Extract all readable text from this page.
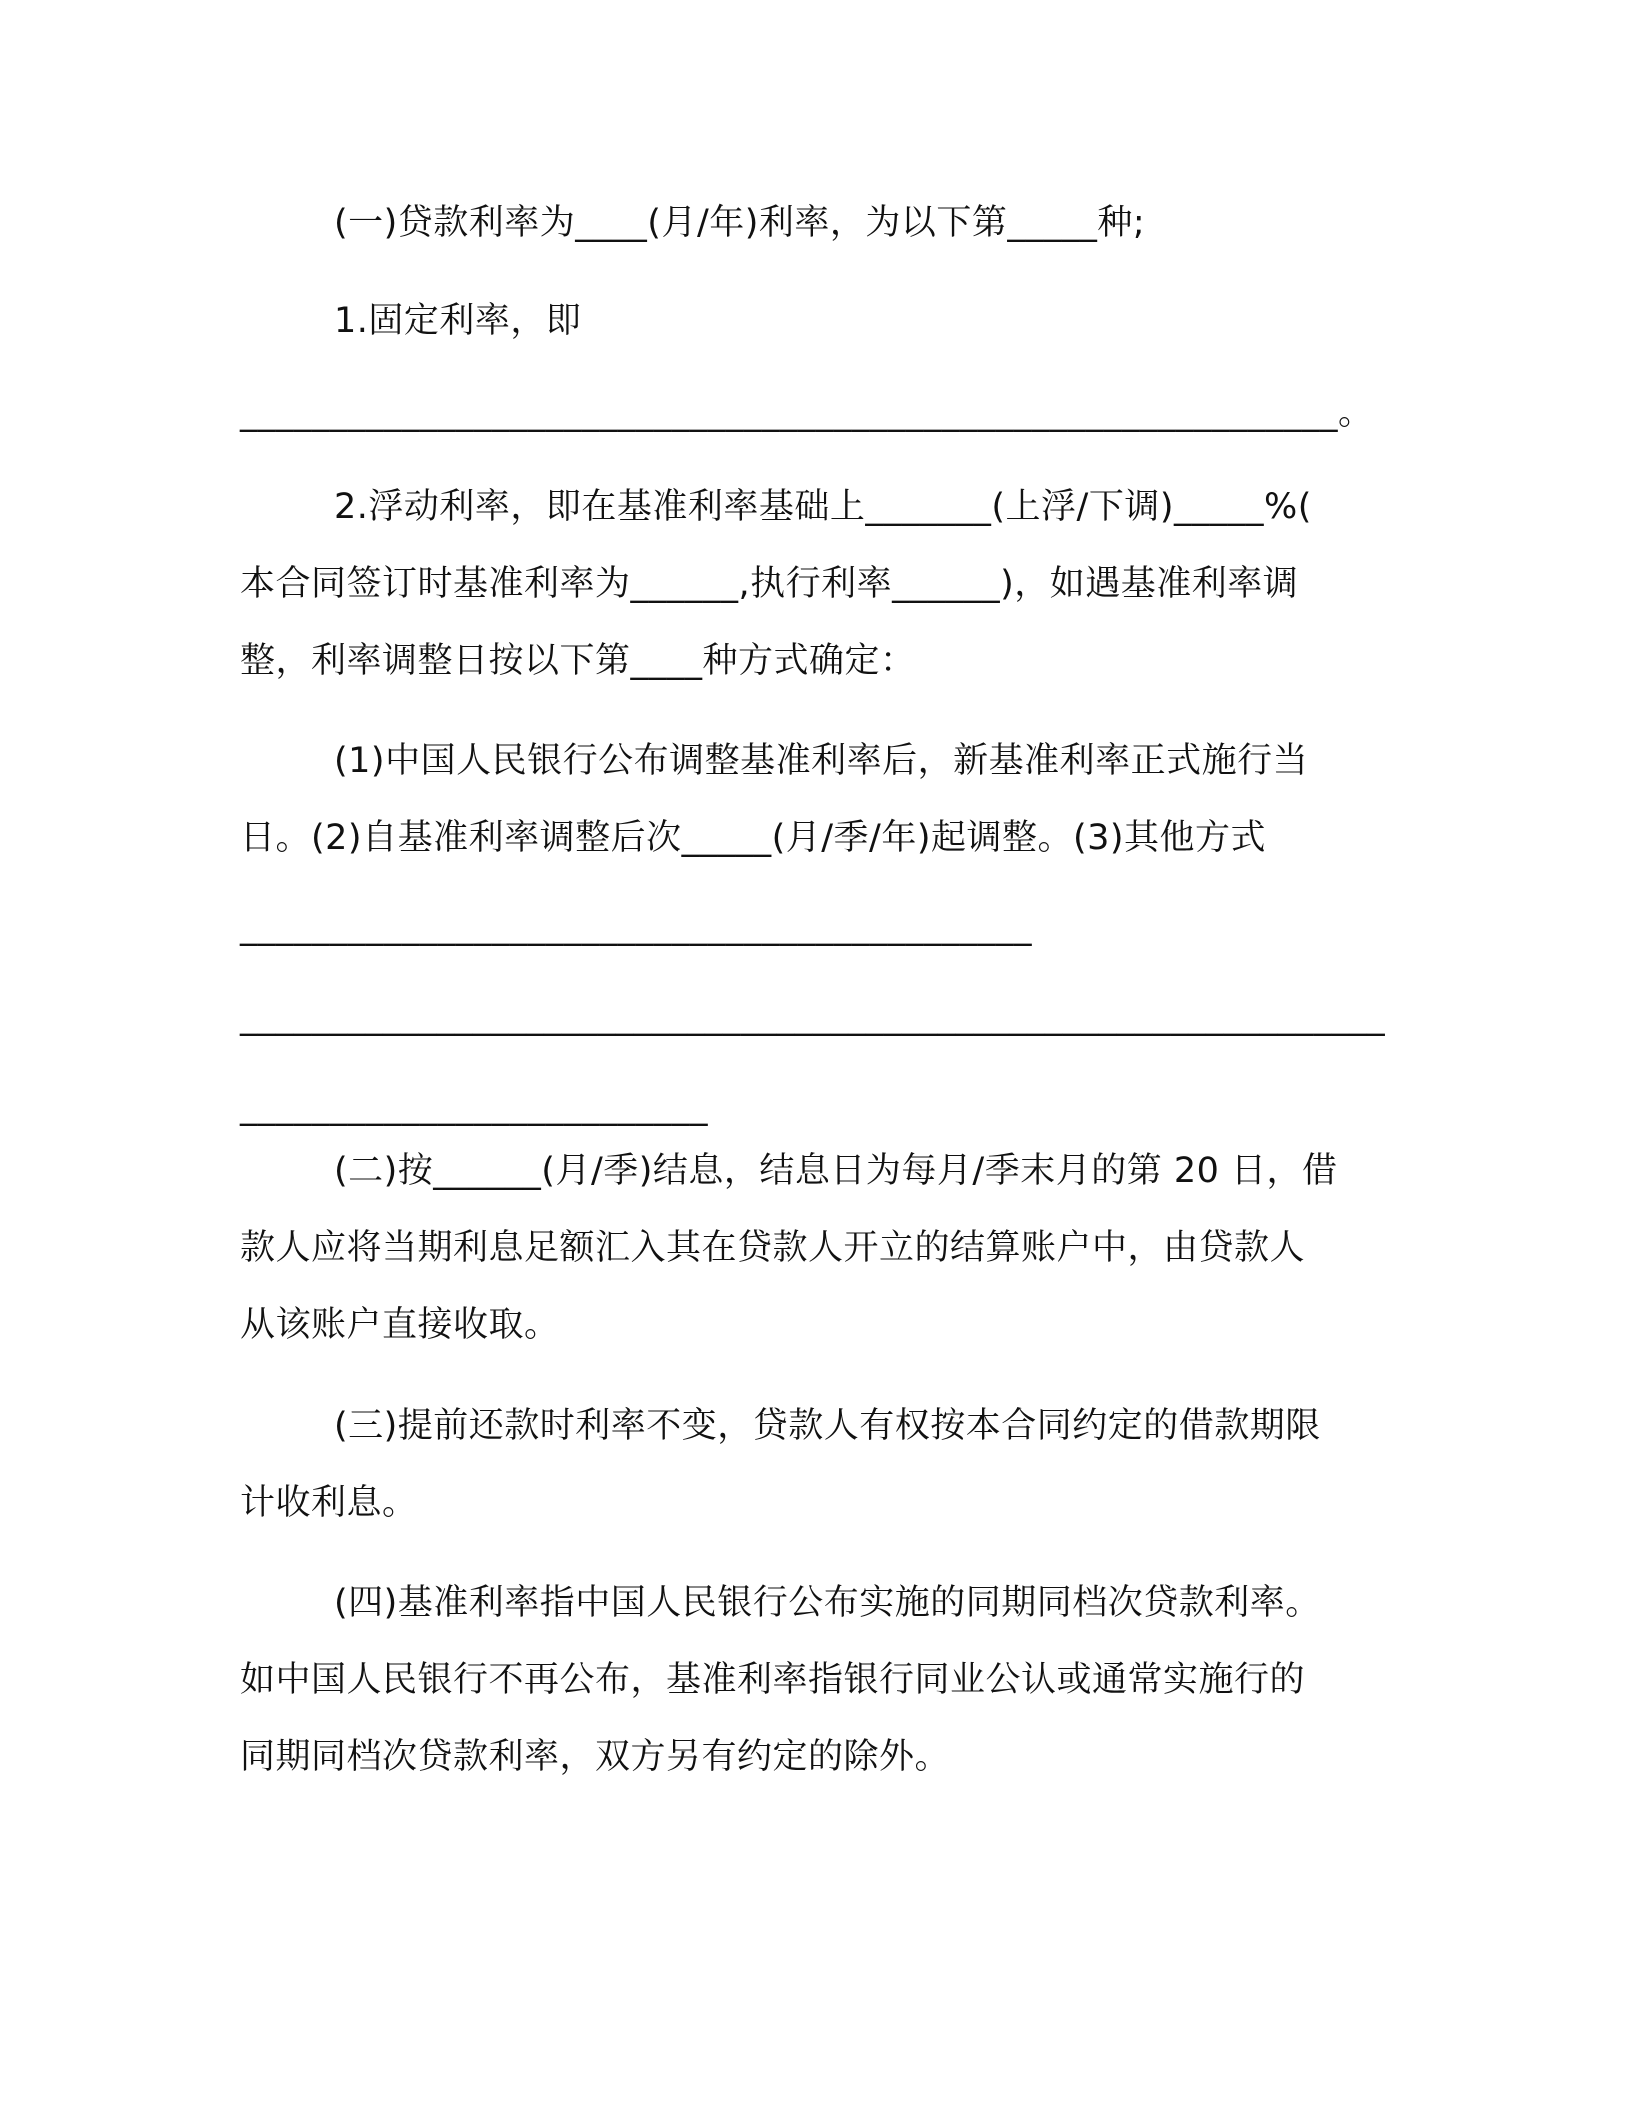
(一)贷款利率为____(月/年)利率，为以下第_____种;

1.固定利率，即

_____________________________________________________________。

2.浮动利率，即在基准利率基础上_______(上浮/下调)_____%(

本合同签订时基准利率为______,执行利率______)，如遇基准利率调

整，利率调整日按以下第____种方式确定：

(1)中国人民银行公布调整基准利率后，新基准利率正式施行当

日。(2)自基准利率调整后次_____(月/季/年)起调整。(3)其他方式

____________________________________________

________________________________________________________________

__________________________

(二)按______(月/季)结息，结息日为每月/季末月的第 20 日，借

款人应将当期利息足额汇入其在贷款人开立的结算账户中，由贷款人

从该账户直接收取。

(三)提前还款时利率不变，贷款人有权按本合同约定的借款期限

计收利息。

(四)基准利率指中国人民银行公布实施的同期同档次贷款利率。

如中国人民银行不再公布，基准利率指银行同业公认或通常实施行的

同期同档次贷款利率，双方另有约定的除外。
